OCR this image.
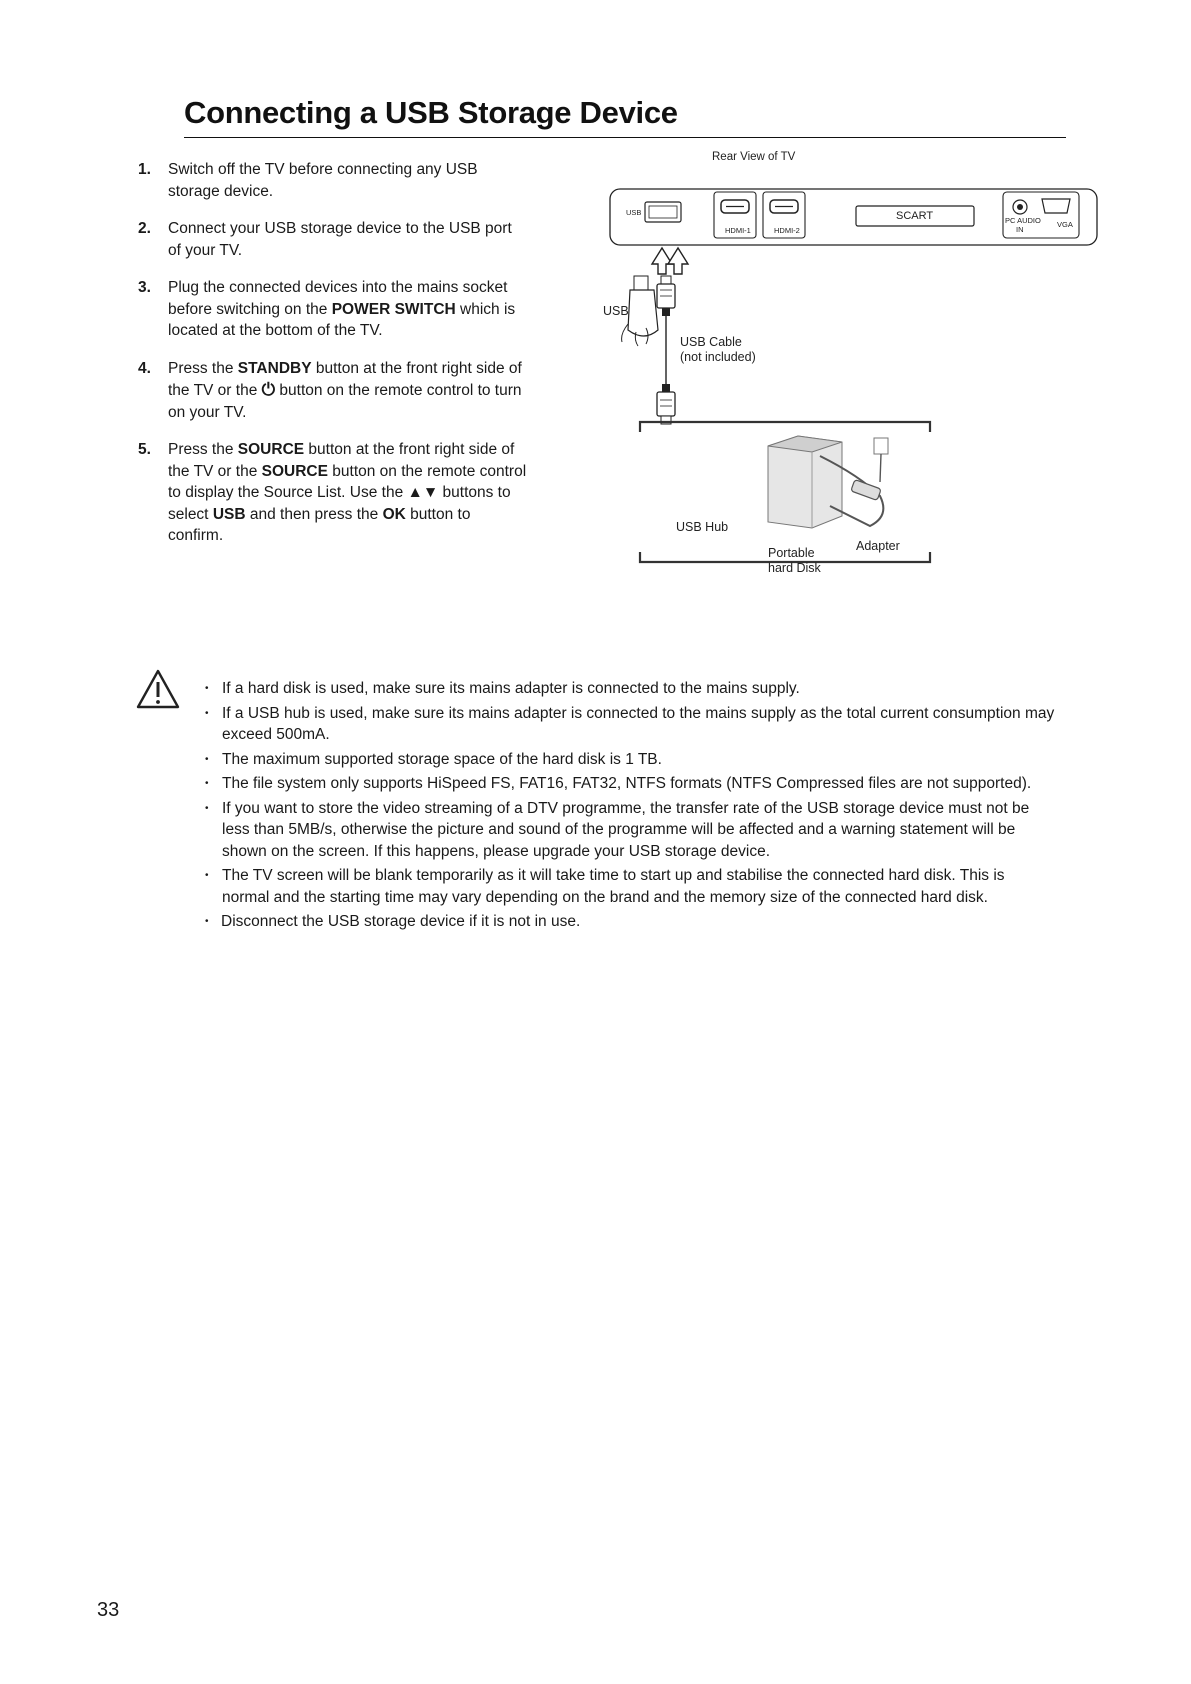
Connecting a USB Storage Device
1. Switch off the TV before connecting any USB storage device.
2. Connect your USB storage device to the USB port of your TV.
3. Plug the connected devices into the mains socket before switching on the POWER SWITCH which is located at the bottom of the TV.
4. Press the STANDBY button at the front right side of the TV or the ⏻ button on the remote control to turn on your TV.
5. Press the SOURCE button at the front right side of the TV or the SOURCE button on the remote control to display the Source List. Use the ▲▼ buttons to select USB and then press the OK button to confirm.
Rear View of TV
USB
HDMI-1	HDMI-2
SCART	PC AUDIO
IN
VGA
USB
USB Cable
(not included)
USB Hub
Portable
hard Disk
Adapter
• If a hard disk is used, make sure its mains adapter is connected to the mains supply.
• If a USB hub is used, make sure its mains adapter is connected to the mains supply as the total current consumption may exceed 500mA.
• The maximum supported storage space of the hard disk is 1 TB.
• The file system only supports HiSpeed FS, FAT16, FAT32, NTFS formats (NTFS Compressed files are not supported).
• If you want to store the video streaming of a DTV programme, the transfer rate of the USB storage device must not be less than 5MB/s, otherwise the picture and sound of the programme will be affected and a warning statement will be shown on the screen. If this happens, please upgrade your USB storage device.
• The TV screen will be blank temporarily as it will take time to start up and stabilise the connected hard disk. This is normal and the starting time may vary depending on the brand and the memory size of the connected hard disk.
• Disconnect the USB storage device if it is not in use.
33
